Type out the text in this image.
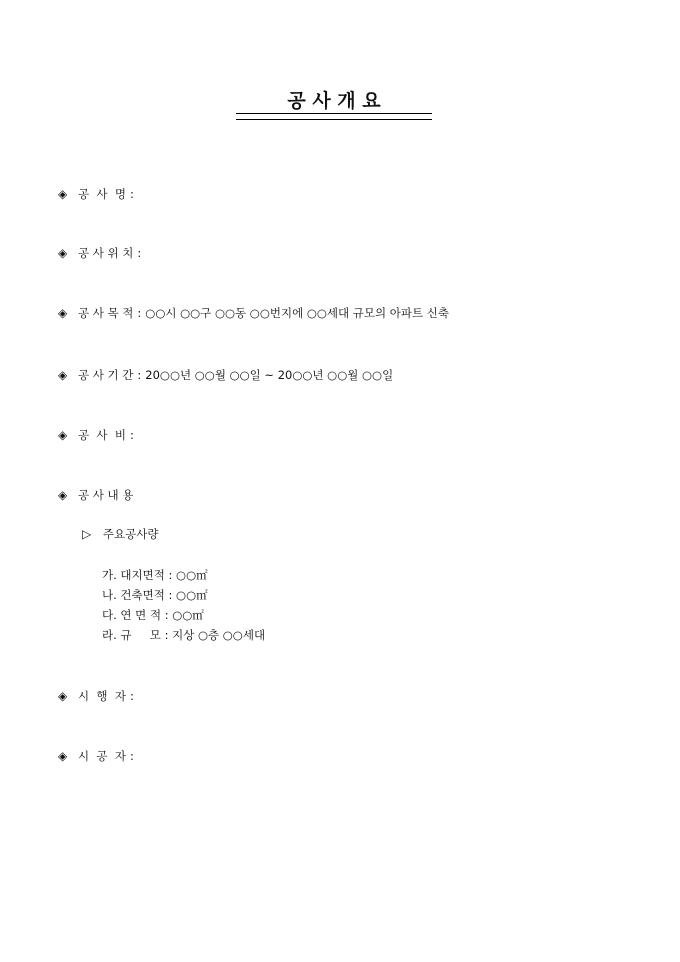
공 사 개 요
◈ 공  사  명 :
◈ 공 사 위 치 :
◈ 공 사 목 적 : ○○시 ○○구 ○○동 ○○번지에 ○○세대 규모의 아파트 신축
◈ 공 사 기 간 : 20○○년 ○○월 ○○일 ~ 20○○년 ○○월 ○○일
◈ 공  사  비 :
◈ 공 사 내 용
▷ 주요공사량
가. 대지면적 : ○○㎡
나. 건축면적 : ○○㎡
다. 연 면 적 : ○○㎡
라. 규     모 : 지상 ○층 ○○세대
◈ 시  행  자 :
◈ 시  공  자 :
